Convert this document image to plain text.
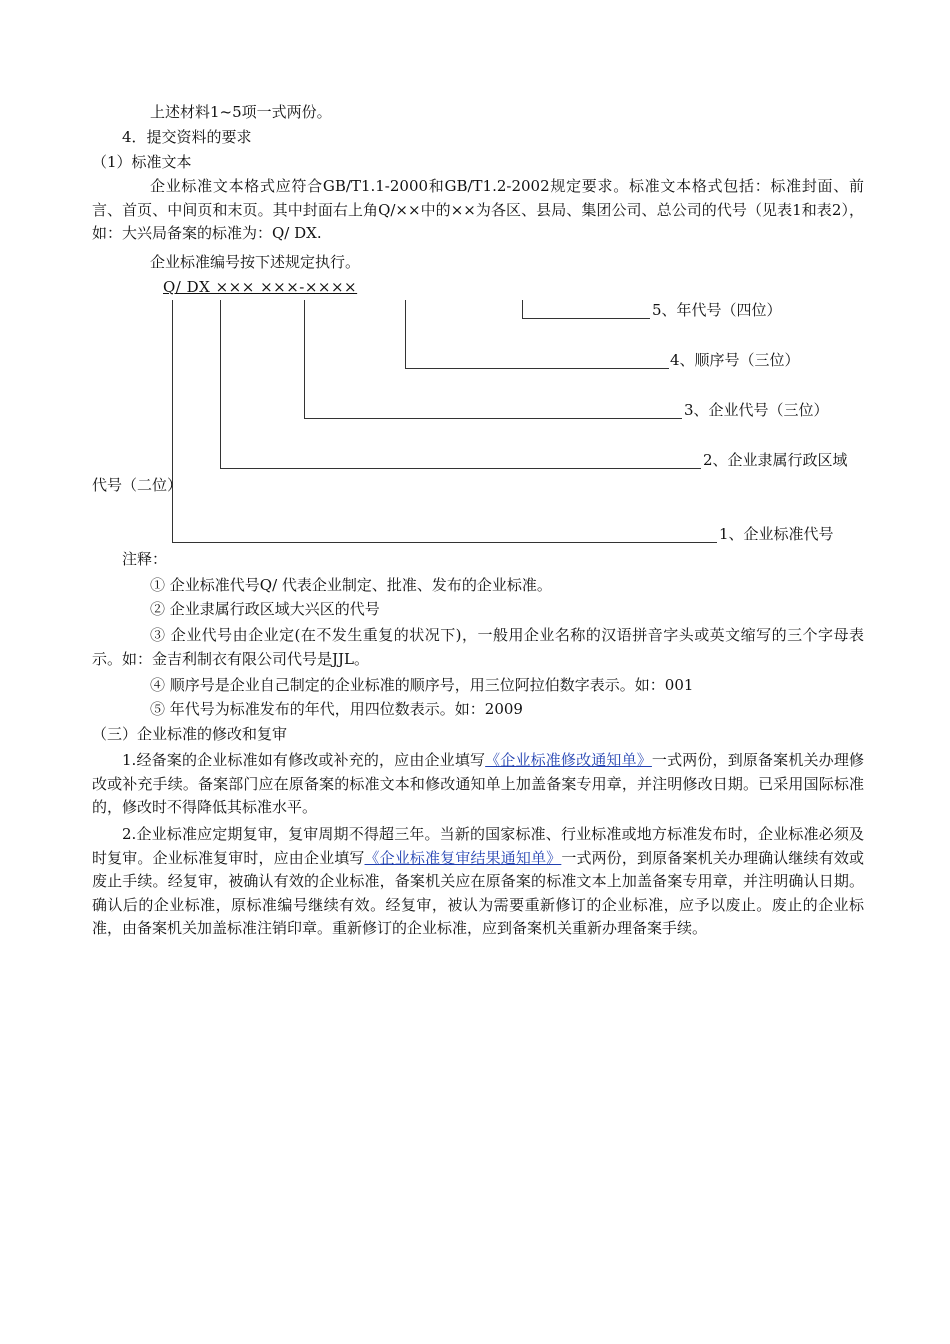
上述材料1~5项一式两份。
4．提交资料的要求
（1）标准文本
企业标准文本格式应符合GB/T1.1-2000和GB/T1.2-2002规定要求。标准文本格式包括：标准封面、前言、首页、中间页和末页。其中封面右上角Q/××中的××为各区、县局、集团公司、总公司的代号（见表1和表2），如：大兴局备案的标准为：Q/ DX.
企业标准编号按下述规定执行。
Q/ DX ××× ×××-××××
5、年代号（四位）
4、顺序号（三位）
3、企业代号（三位）
2、企业隶属行政区域
代号（二位）
1、企业标准代号
注释：
① 企业标准代号Q/ 代表企业制定、批准、发布的企业标准。
② 企业隶属行政区域大兴区的代号
③ 企业代号由企业定(在不发生重复的状况下)，一般用企业名称的汉语拼音字头或英文缩写的三个字母表示。如：金吉利制衣有限公司代号是JJL。
④ 顺序号是企业自己制定的企业标准的顺序号，用三位阿拉伯数字表示。如：001
⑤ 年代号为标准发布的年代，用四位数表示。如：2009
（三）企业标准的修改和复审
1.经备案的企业标准如有修改或补充的，应由企业填写《企业标准修改通知单》一式两份，到原备案机关办理修改或补充手续。备案部门应在原备案的标准文本和修改通知单上加盖备案专用章，并注明修改日期。已采用国际标准的，修改时不得降低其标准水平。
2.企业标准应定期复审，复审周期不得超三年。当新的国家标准、行业标准或地方标准发布时，企业标准必须及时复审。企业标准复审时，应由企业填写《企业标准复审结果通知单》一式两份，到原备案机关办理确认继续有效或废止手续。经复审，被确认有效的企业标准，备案机关应在原备案的标准文本上加盖备案专用章，并注明确认日期。确认后的企业标准，原标准编号继续有效。经复审，被认为需要重新修订的企业标准，应予以废止。废止的企业标准，由备案机关加盖标准注销印章。重新修订的企业标准，应到备案机关重新办理备案手续。
